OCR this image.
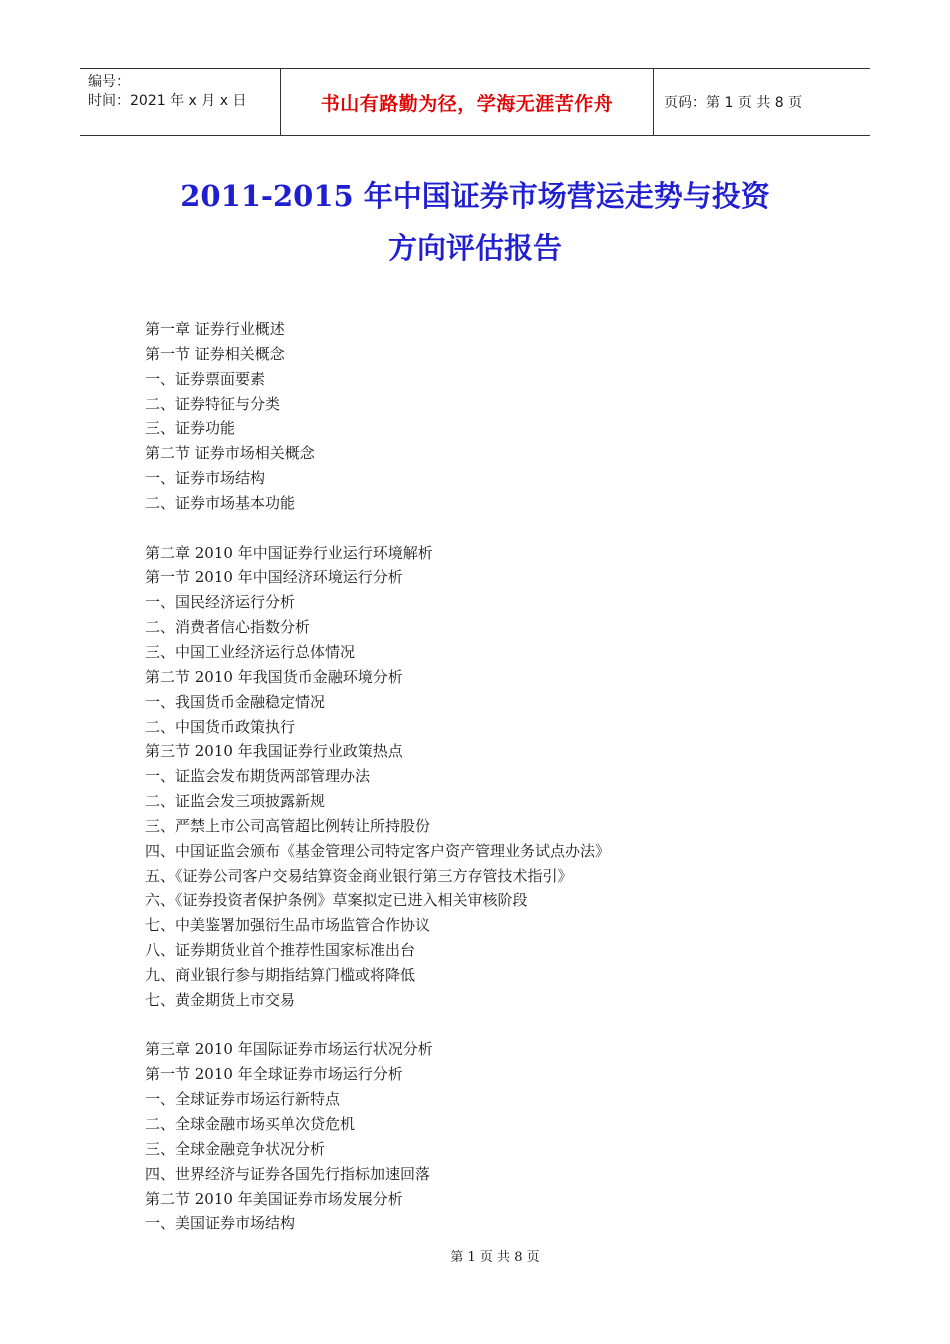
编号：
时间：2021 年 x 月 x 日	书山有路勤为径，学海无涯苦作舟	页码：第 1 页 共 8 页
2011-2015 年中国证券市场营运走势与投资
方向评估报告
第一章 证券行业概述
第一节 证券相关概念
一、证券票面要素
二、证券特征与分类
三、证券功能
第二节 证券市场相关概念
一、证券市场结构
二、证券市场基本功能
第二章 2010 年中国证券行业运行环境解析
第一节 2010 年中国经济环境运行分析
一、国民经济运行分析
二、消费者信心指数分析
三、中国工业经济运行总体情况
第二节 2010 年我国货币金融环境分析
一、我国货币金融稳定情况
二、中国货币政策执行
第三节 2010 年我国证券行业政策热点
一、证监会发布期货两部管理办法
二、证监会发三项披露新规
三、严禁上市公司高管超比例转让所持股份
四、中国证监会颁布《基金管理公司特定客户资产管理业务试点办法》
五、《证券公司客户交易结算资金商业银行第三方存管技术指引》
六、《证券投资者保护条例》草案拟定已进入相关审核阶段
七、中美鉴署加强衍生品市场监管合作协议
八、证券期货业首个推荐性国家标准出台
九、商业银行参与期指结算门槛或将降低
七、黄金期货上市交易
第三章 2010 年国际证券市场运行状况分析
第一节 2010 年全球证券市场运行分析
一、全球证券市场运行新特点
二、全球金融市场买单次贷危机
三、全球金融竞争状况分析
四、世界经济与证券各国先行指标加速回落
第二节 2010 年美国证券市场发展分析
一、美国证券市场结构
第 1 页 共 8 页
